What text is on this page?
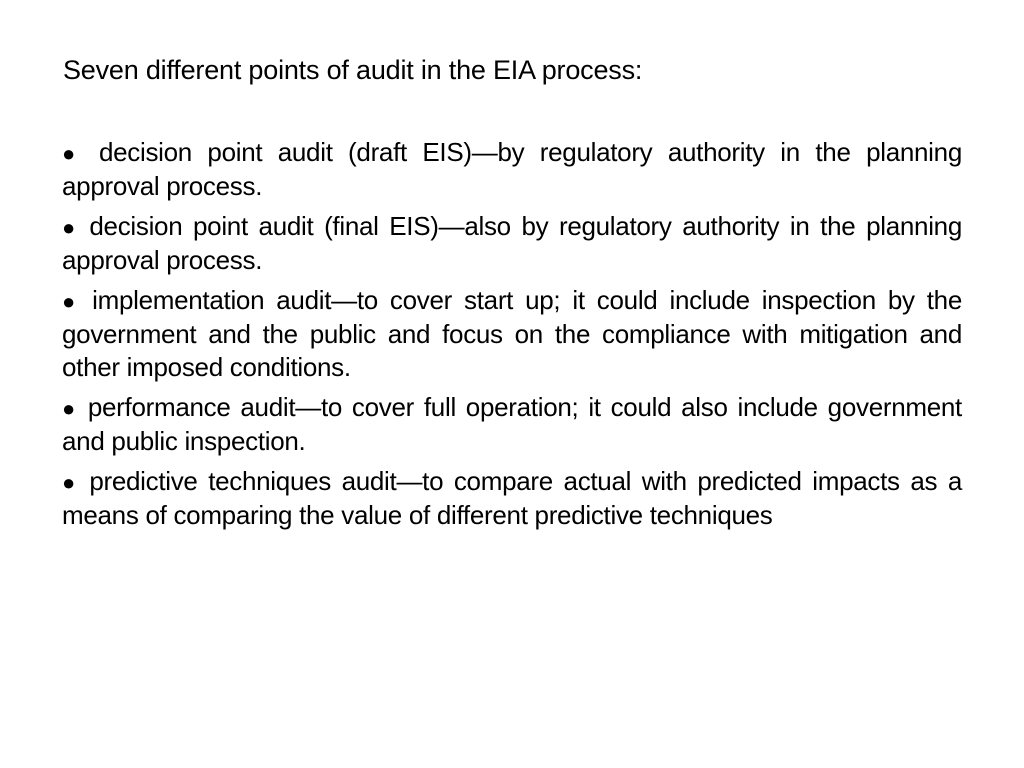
Seven different points of audit in the EIA process:
● decision point audit (draft EIS)—by regulatory authority in the planning approval process.
● decision point audit (final EIS)—also by regulatory authority in the planning approval process.
● implementation audit—to cover start up; it could include inspection by the government and the public and focus on the compliance with mitigation and other imposed conditions.
● performance audit—to cover full operation; it could also include government and public inspection.
● predictive techniques audit—to compare actual with predicted impacts as a means of comparing the value of different predictive techniques
